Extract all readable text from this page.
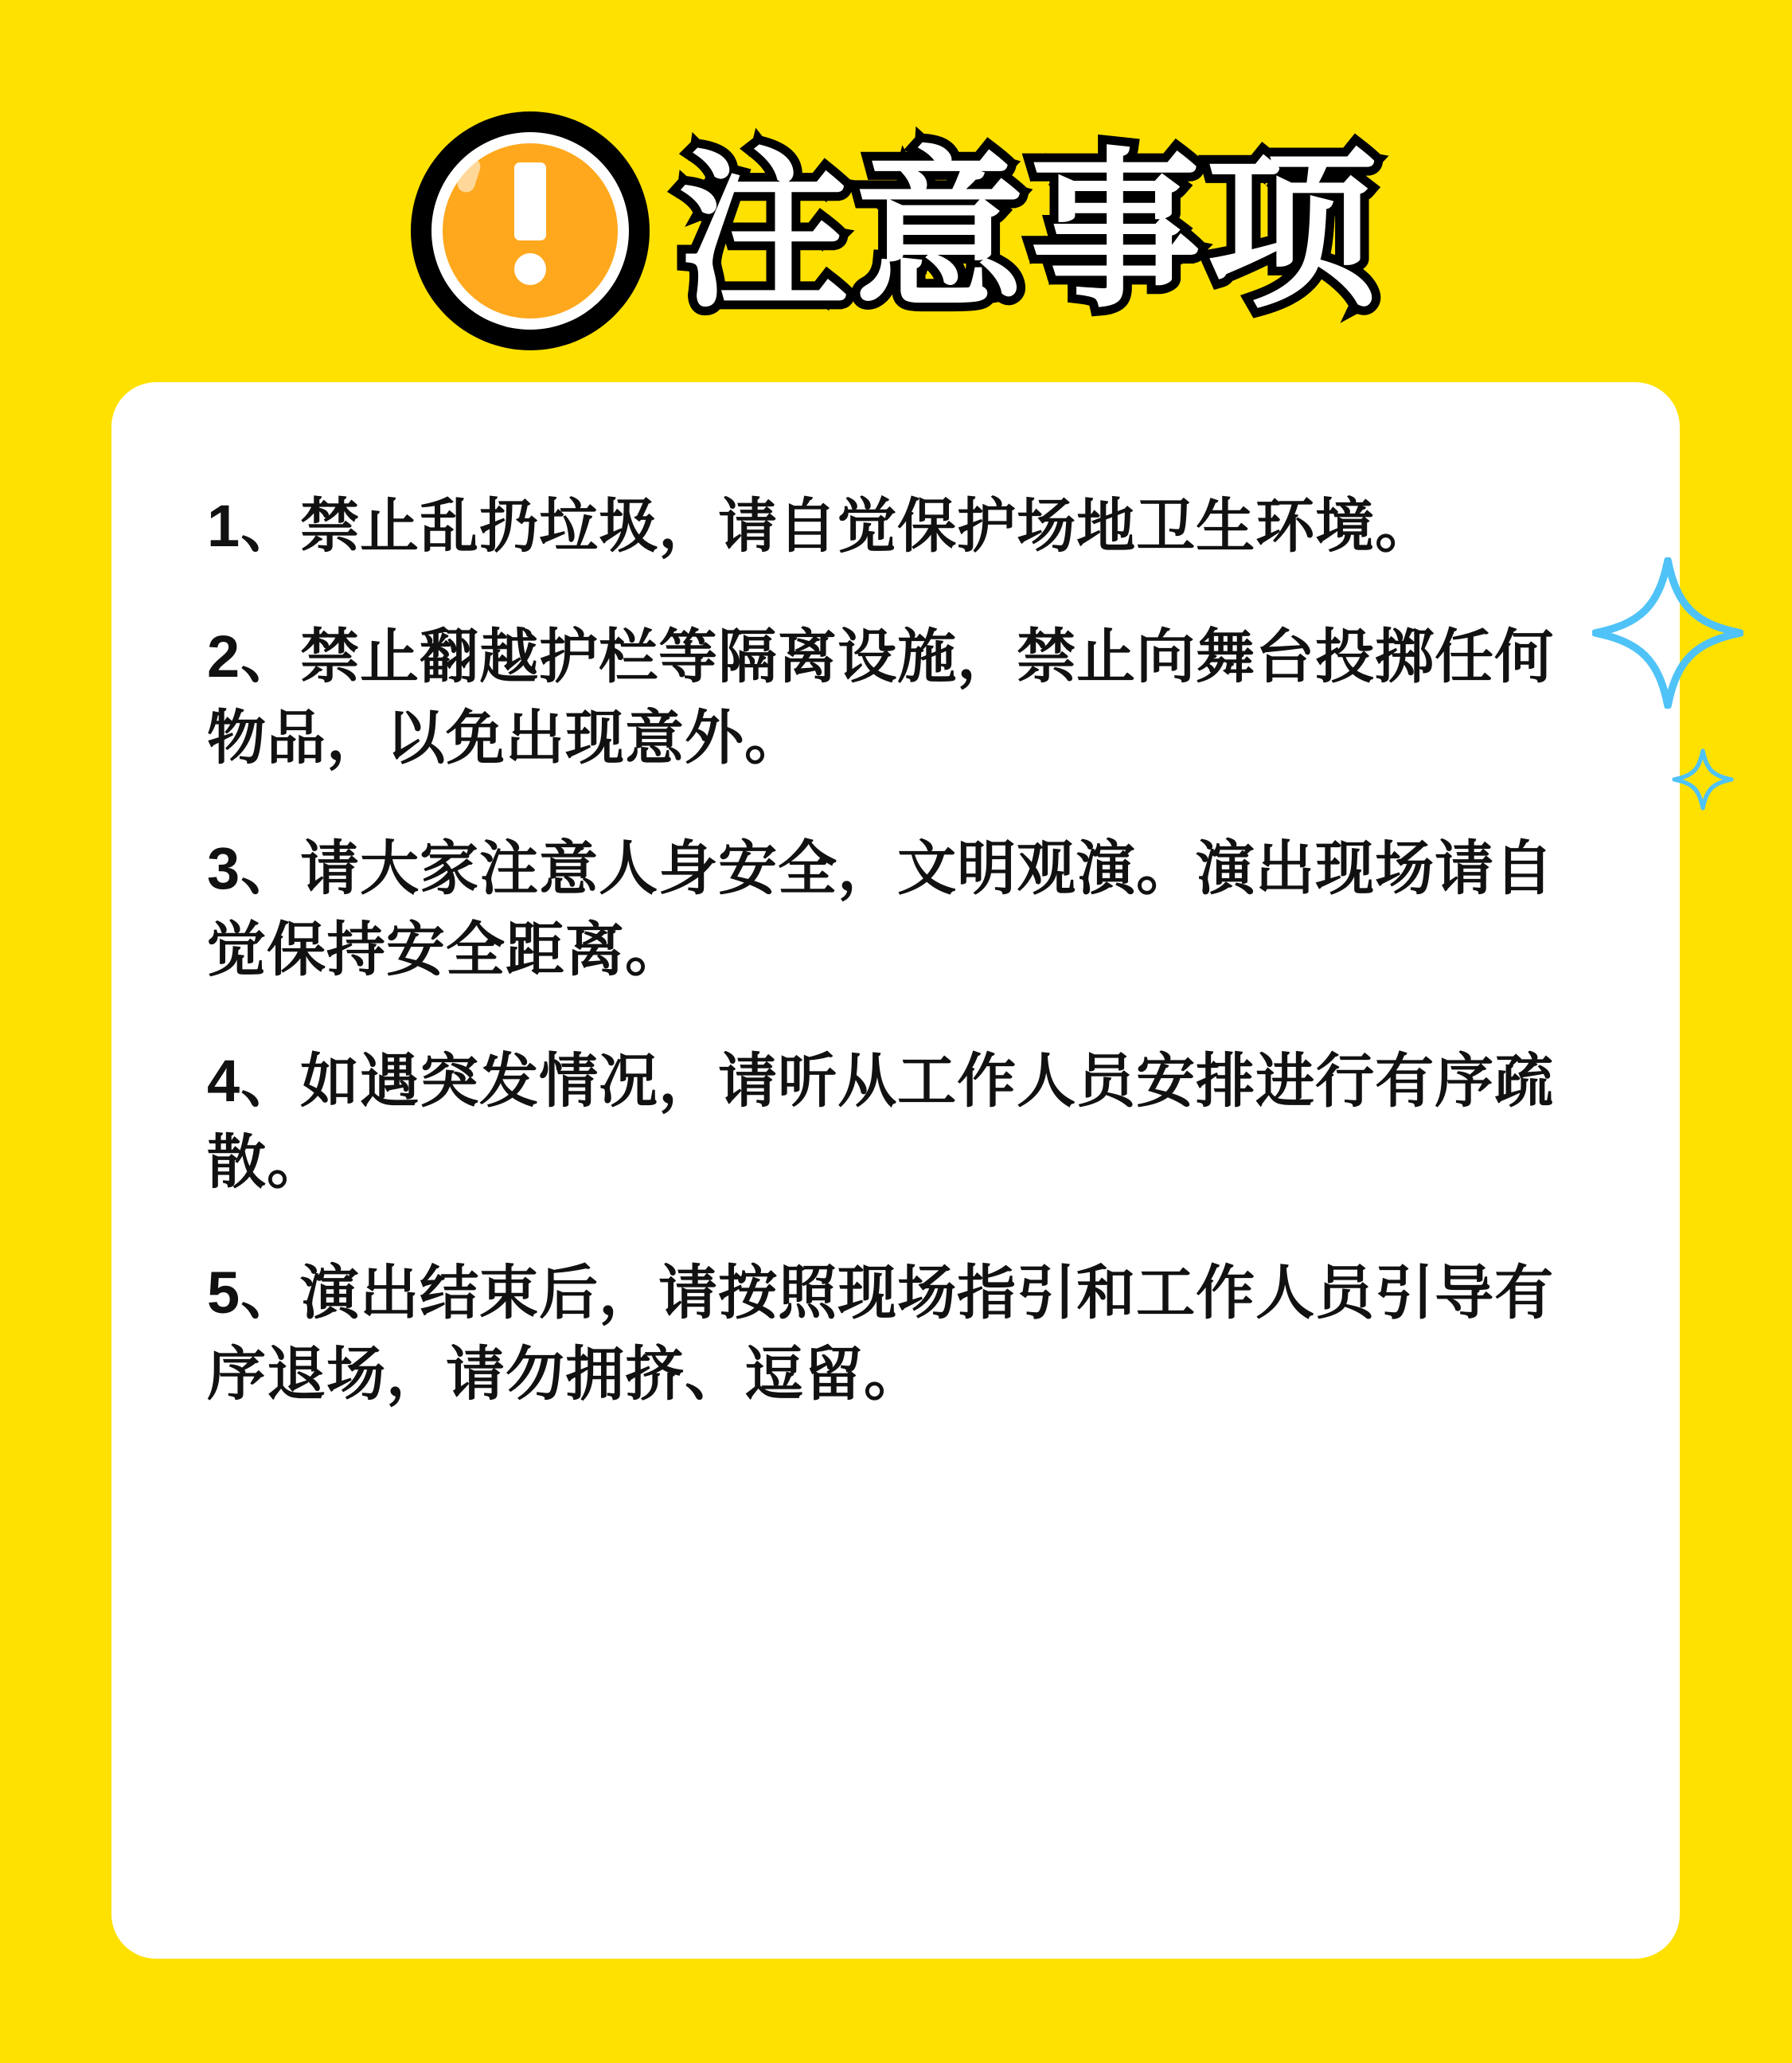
注意事项
1、禁止乱扔垃圾，请自觉保护场地卫生环境。
2、禁止翻越护栏等隔离设施，禁止向舞台投掷任何物品，以免出现意外。
3、请大家注意人身安全，文明观演。演出现场请自觉保持安全距离。
4、如遇突发情况，请听从工作人员安排进行有序疏散。
5、演出结束后，请按照现场指引和工作人员引导有序退场，请勿拥挤、逗留。
